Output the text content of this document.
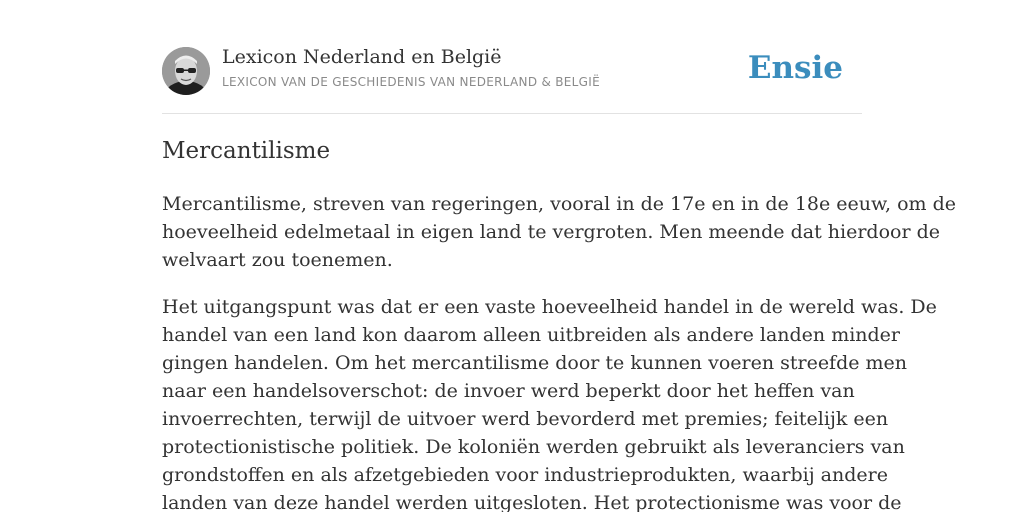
Lexicon Nederland en België
LEXICON VAN DE GESCHIEDENIS VAN NEDERLAND & BELGIË	Ensie
Mercantilisme

Mercantilisme, streven van regeringen, vooral in de 17e en in de 18e eeuw, om de
hoeveelheid edelmetaal in eigen land te vergroten. Men meende dat hierdoor de
welvaart zou toenemen.

Het uitgangspunt was dat er een vaste hoeveelheid handel in de wereld was. De
handel van een land kon daarom alleen uitbreiden als andere landen minder
gingen handelen. Om het mercantilisme door te kunnen voeren streefde men
naar een handelsoverschot: de invoer werd beperkt door het heffen van
invoerrechten, terwijl de uitvoer werd bevorderd met premies; feitelijk een
protectionistische politiek. De koloniën werden gebruikt als leveranciers van
grondstoffen en als afzetgebieden voor industrieprodukten, waarbij andere
landen van deze handel werden uitgesloten. Het protectionisme was voor de
